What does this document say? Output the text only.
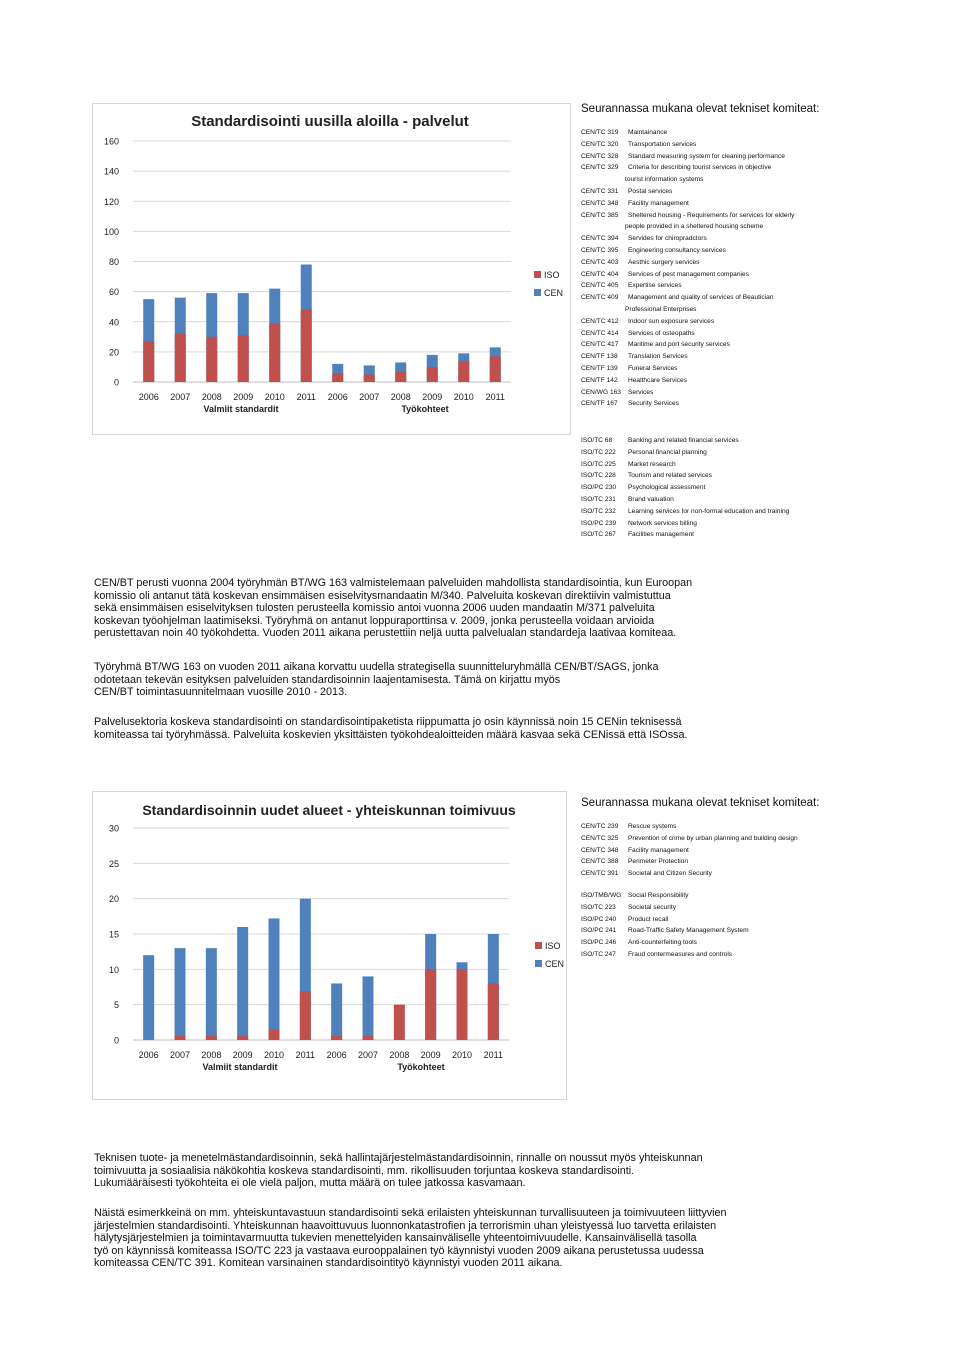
Standardisointi uusilla aloilla - palvelut
0
20
40
60
80
100
120
140
160
2006 2007 2008 2009 2010 2011 2006 2007 2008 2009 2010 2011
Valmiit standardit	Työkohteet
ISO
CEN
Seurannassa mukana olevat tekniset komiteat:
CEN/TC 319	Maintainance
CEN/TC 320	Transportation services
CEN/TC 328	Standard measuring system for cleaning performance
CEN/TC 329	Criteria for describing tourist services in objective
tourist information systems
CEN/TC 331	Postal services
CEN/TC 348	Facility management
CEN/TC 385	Sheltered housing - Requirements for services for elderly
people provided in a sheltered housing scheme
CEN/TC 394	Servides for chiropradctors
CEN/TC 395	Engineering consultancy services
CEN/TC 403	Aesthic surgery services
CEN/TC 404	Services of pest management companies
CEN/TC 405	Expertise services
CEN/TC 409	Management and quality of services of Beautician
Professional Enterprises
CEN/TC 412	Indoor sun exposure services
CEN/TC 414	Services of osteopaths
CEN/TC 417	Maritime and port security services
CEN/TF 138	Translation Services
CEN/TF 139	Funeral Services
CEN/TF 142	Healthcare Services
CEN/WG 163	Services
CEN/TF 167	Security Services
ISO/TC 68	Banking and related financial services
ISO/TC 222	Personal financial planning
ISO/TC 225	Market research
ISO/TC 228	Tourism and related services
ISO/PC 230	Psychological assessment
ISO/TC 231	Brand valuation
ISO/TC 232	Learning services for non-formal education and training
ISO/PC 239	Network services billing
ISO/TC 267	Facilities management
CEN/BT perusti vuonna 2004 työryhmän BT/WG 163 valmistelemaan palveluiden mahdollista standardisointia, kun Euroopan
komissio oli antanut tätä koskevan ensimmäisen esiselvitysmandaatin M/340. Palveluita koskevan direktiivin valmistuttua
sekä ensimmäisen esiselvityksen tulosten perusteella komissio antoi vuonna 2006 uuden mandaatin M/371 palveluita
koskevan työohjelman laatimiseksi. Työryhmä on antanut loppuraporttinsa v. 2009, jonka perusteella voidaan arvioida
perustettavan noin 40 työkohdetta. Vuoden 2011 aikana perustettiin neljä uutta palvelualan standardeja laativaa komiteaa.
Työryhmä BT/WG 163 on vuoden 2011 aikana korvattu uudella strategisella suunnitteluryhmällä CEN/BT/SAGS, jonka
odotetaan tekevän esityksen palveluiden standardisoinnin laajentamisesta. Tämä on kirjattu myös
CEN/BT toimintasuunnitelmaan vuosille 2010 - 2013.
Palvelusektoria koskeva standardisointi on standardisointipaketista riippumatta jo osin käynnissä noin 15 CENin teknisessä
komiteassa tai työryhmässä. Palveluita koskevien yksittäisten työkohdealoitteiden määrä kasvaa sekä CENissä että ISOssa.
Standardisoinnin uudet alueet - yhteiskunnan toimivuus
0
5
10
15
20
25
30
2006 2007 2008 2009 2010 2011 2006 2007 2008 2009 2010 2011
Valmiit standardit	Työkohteet
ISO
CEN
Seurannassa mukana olevat tekniset komiteat:
CEN/TC 239	Rescue systems
CEN/TC 325	Prevention of crime by urban planning and building design
CEN/TC 348	Facility management
CEN/TC 388	Perimeter Protection
CEN/TC 391	Societal and Citizen Security
ISO/TMB/WG	Social Responsibility
ISO/TC 223	Societal security
ISO/PC 240	Product recall
ISO/PC 241	Road-Traffic Safety Management System
ISO/PC 246	Anti-counterfeiting tools
ISO/TC 247	Fraud contermeasures and controls
Teknisen tuote- ja menetelmästandardisoinnin, sekä hallintajärjestelmästandardisoinnin, rinnalle on noussut myös yhteiskunnan
toimivuutta ja sosiaalisia näkökohtia koskeva standardisointi, mm. rikollisuuden torjuntaa koskeva standardisointi.
Lukumääräisesti työkohteita ei ole vielä paljon, mutta määrä on tulee jatkossa kasvamaan.
Näistä esimerkkeinä on mm. yhteiskuntavastuun standardisointi sekä erilaisten yhteiskunnan turvallisuuteen ja toimivuuteen liittyvien
järjestelmien standardisointi. Yhteiskunnan haavoittuvuus luonnonkatastrofien ja terrorismin uhan yleistyessä luo tarvetta erilaisten
hälytysjärjestelmien ja toimintavarmuutta tukevien menettelyiden kansainväliselle yhteentoimivuudelle. Kansainvälisellä tasolla
työ on käynnissä komiteassa ISO/TC 223 ja vastaava eurooppalainen työ käynnistyi vuoden 2009 aikana perustetussa uudessa
komiteassa CEN/TC 391. Komitean varsinainen standardisointityö käynnistyi vuoden 2011 aikana.
